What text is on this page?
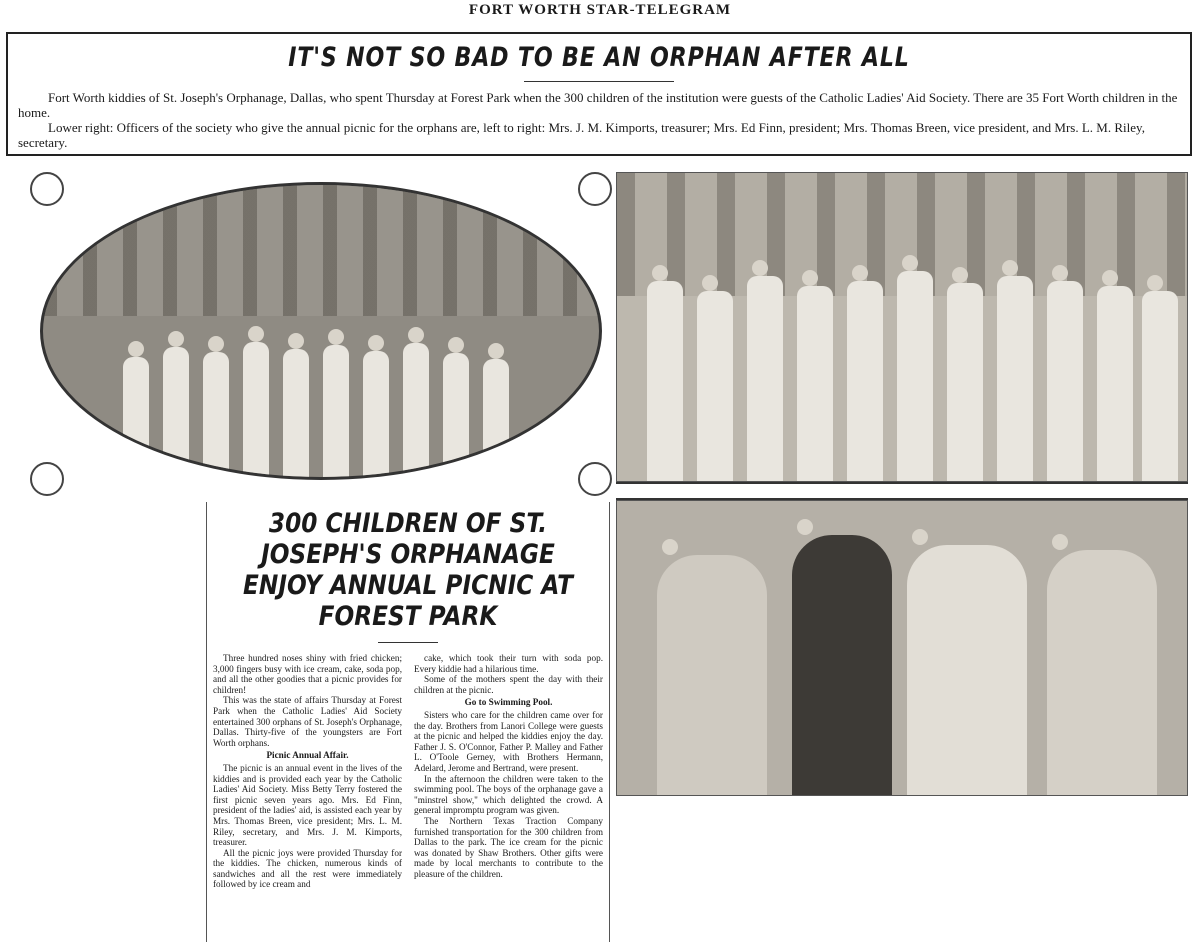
FORT WORTH STAR-TELEGRAM
IT'S NOT SO BAD TO BE AN ORPHAN AFTER ALL

Fort Worth kiddies of St. Joseph's Orphanage, Dallas, who spent Thursday at Forest Park when the 300 children of the institution were guests of the Catholic Ladies' Aid Society. There are 35 Fort Worth children in the home.

Lower right: Officers of the society who give the annual picnic for the orphans are, left to right: Mrs. J. M. Kimports, treasurer; Mrs. Ed Finn, president; Mrs. Thomas Breen, vice president, and Mrs. L. M. Riley, secretary.

300 CHILDREN OF ST. JOSEPH'S ORPHANAGE ENJOY ANNUAL PICNIC AT FOREST PARK

Three hundred noses shiny with fried chicken; 3,000 fingers busy with ice cream, cake, soda pop, and all the other goodies that a picnic provides for children!

This was the state of affairs Thursday at Forest Park when the Catholic Ladies' Aid Society entertained 300 orphans of St. Joseph's Orphanage, Dallas. Thirty-five of the youngsters are Fort Worth orphans.

Picnic Annual Affair.

The picnic is an annual event in the lives of the kiddies and is provided each year by the Catholic Ladies' Aid Society. Miss Betty Terry fostered the first picnic seven years ago. Mrs. Ed Finn, president of the ladies' aid, is assisted each year by Mrs. Thomas Breen, vice president; Mrs. L. M. Riley, secretary, and Mrs. J. M. Kimports, treasurer.

All the picnic joys were provided Thursday for the kiddies. The chicken, numerous kinds of sandwiches and all the rest were immediately followed by ice cream and

cake, which took their turn with soda pop. Every kiddie had a hilarious time.

Some of the mothers spent the day with their children at the picnic.

Go to Swimming Pool.

Sisters who care for the children came over for the day. Brothers from Lanori College were guests at the picnic and helped the kiddies enjoy the day. Father J. S. O'Connor, Father P. Malley and Father L. O'Toole Gerney, with Brothers Hermann, Adelard, Jerome and Bertrand, were present.

In the afternoon the children were taken to the swimming pool. The boys of the orphanage gave a "minstrel show," which delighted the crowd. A general impromptu program was given.

The Northern Texas Traction Company furnished transportation for the 300 children from Dallas to the park. The ice cream for the picnic was donated by Shaw Brothers. Other gifts were made by local merchants to contribute to the pleasure of the children.
